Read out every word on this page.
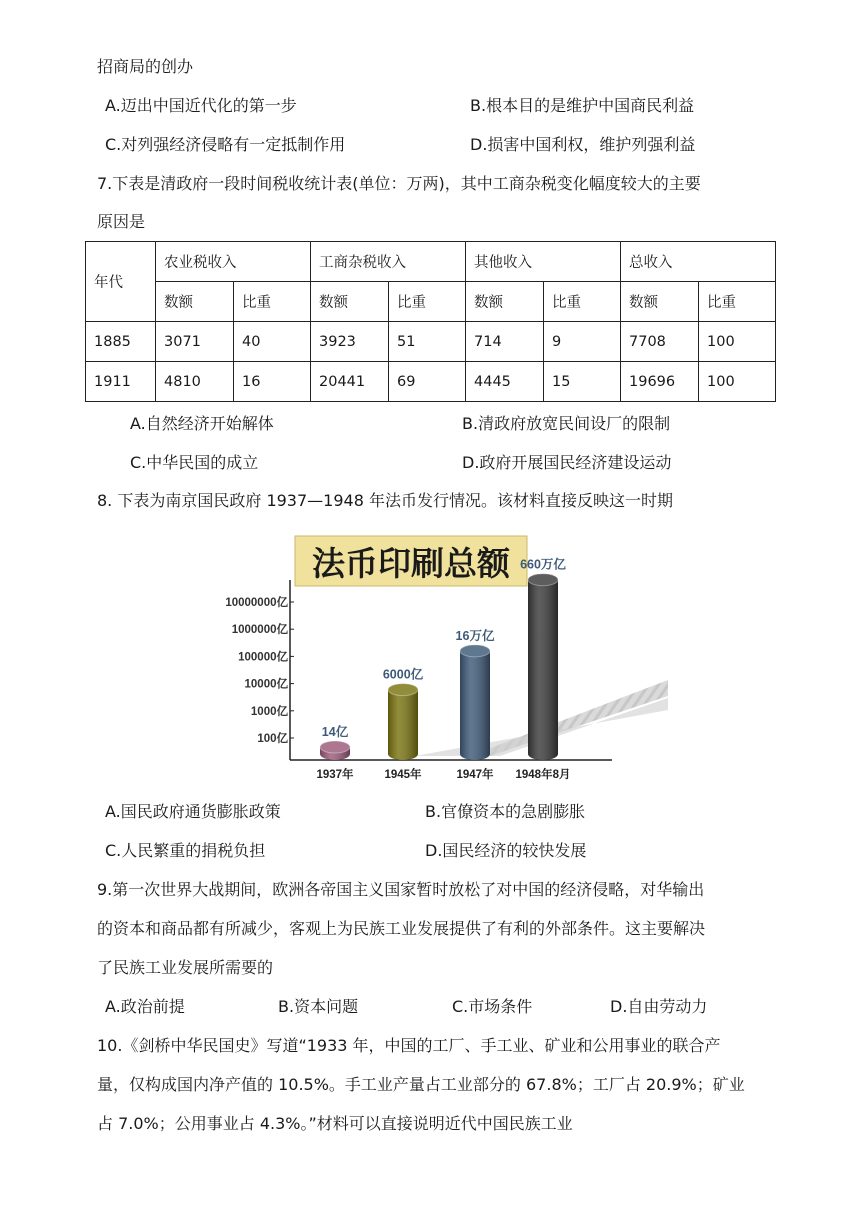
招商局的创办
A.迈出中国近代化的第一步	B.根本目的是维护中国商民利益
C.对列强经济侵略有一定抵制作用	D.损害中国利权，维护列强利益
7.下表是清政府一段时间税收统计表(单位：万两)，其中工商杂税变化幅度较大的主要
原因是
年代	农业税收入		工商杂税收入		其他收入		总收入	
	数额	比重	数额	比重	数额	比重	数额	比重
1885	3071	40	3923	51	714	9	7708	100
1911	4810	16	20441	69	4445	15	19696	100
A.自然经济开始解体	B.清政府放宽民间设厂的限制
C.中华民国的成立	D.政府开展国民经济建设运动
8. 下表为南京国民政府 1937—1948 年法币发行情况。该材料直接反映这一时期
法币印刷总额
100亿
1000亿
10000亿
100000亿
1000000亿
10000000亿
14亿
6000亿
16万亿
660万亿
1937年	1945年	1947年 1948年8月
A.国民政府通货膨胀政策	B.官僚资本的急剧膨胀
C.人民繁重的捐税负担	D.国民经济的较快发展
9.第一次世界大战期间，欧洲各帝国主义国家暂时放松了对中国的经济侵略，对华输出
的资本和商品都有所减少，客观上为民族工业发展提供了有利的外部条件。这主要解决
了民族工业发展所需要的
A.政治前提	B.资本问题	C.市场条件	D.自由劳动力
10.《剑桥中华民国史》写道“1933 年，中国的工厂、手工业、矿业和公用事业的联合产
量，仅构成国内净产值的 10.5%。手工业产量占工业部分的 67.8%；工厂占 20.9%；矿业
占 7.0%；公用事业占 4.3%。”材料可以直接说明近代中国民族工业
